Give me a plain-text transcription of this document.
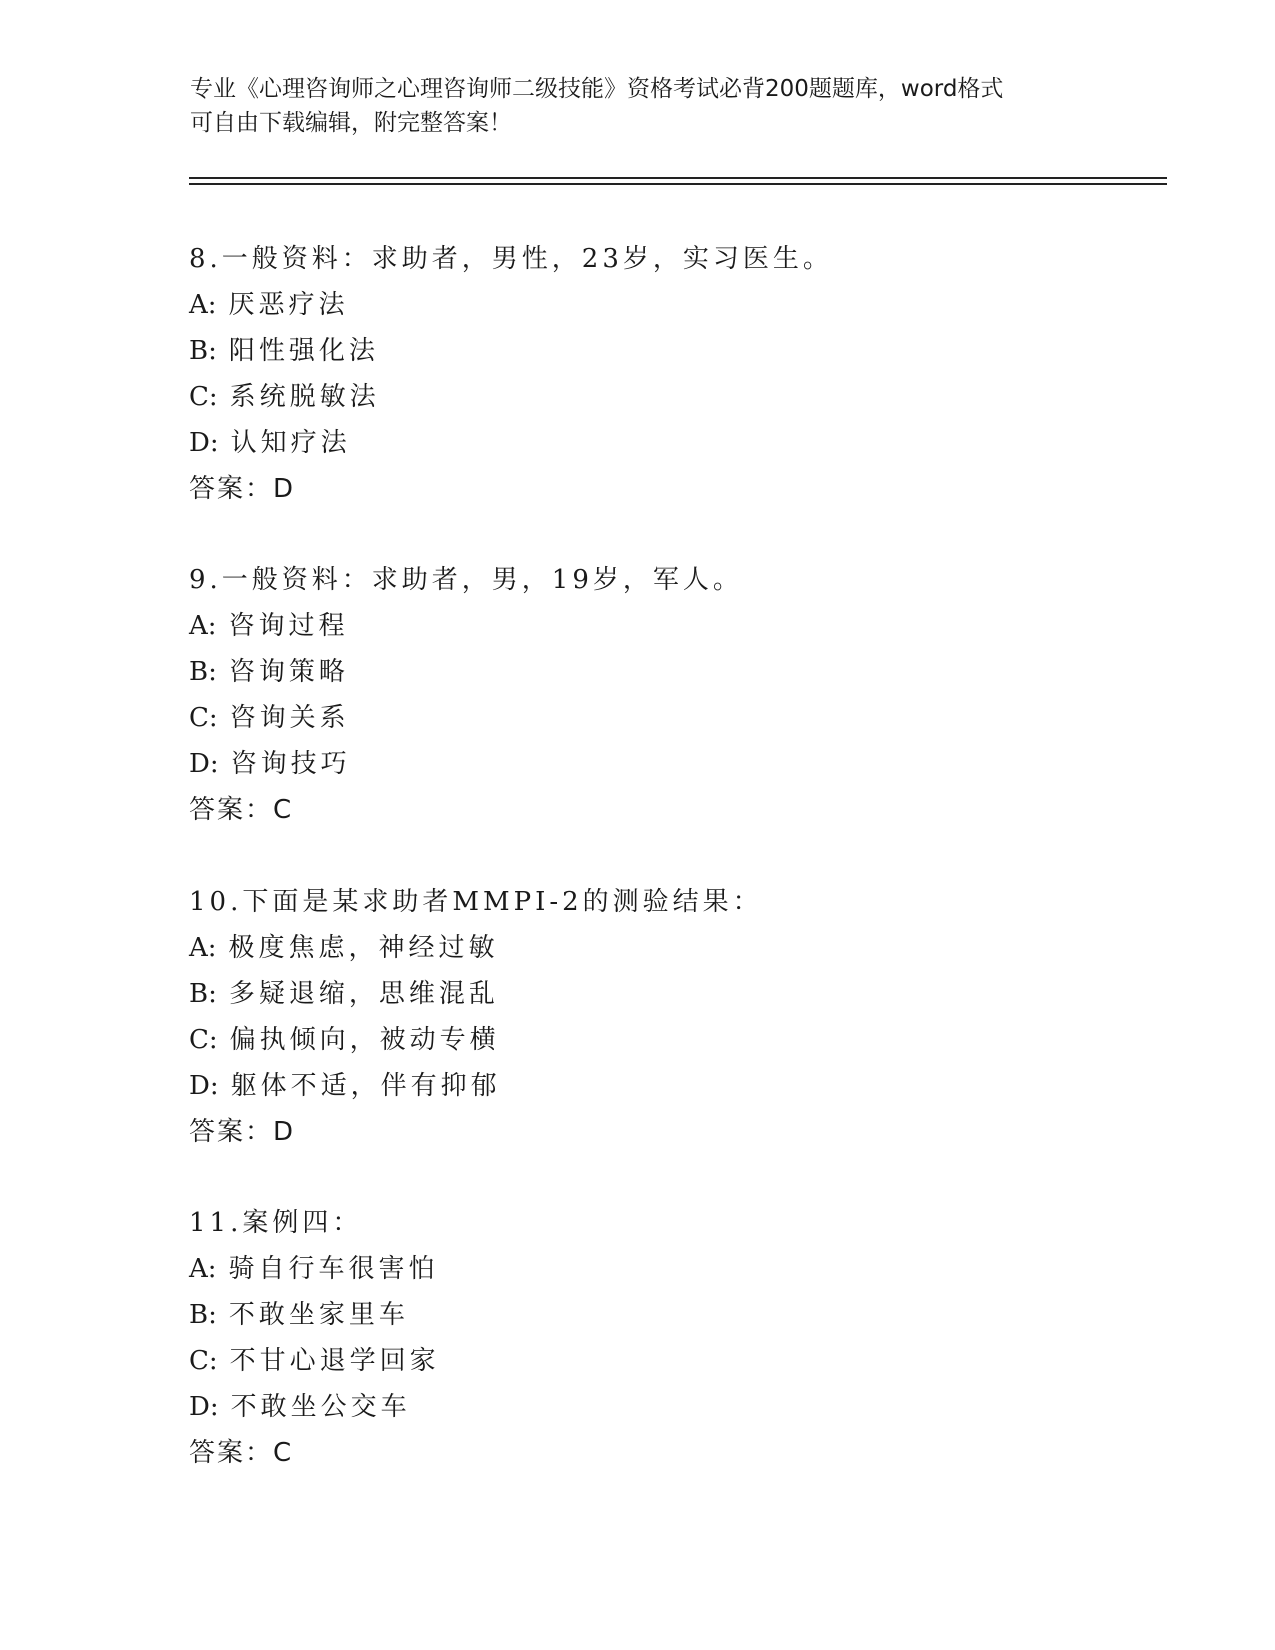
专业《心理咨询师之心理咨询师二级技能》资格考试必背200题题库，word格式
可自由下载编辑，附完整答案！
8.一般资料：求助者，男性，23岁，实习医生。
A: 厌恶疗法
B: 阳性强化法
C: 系统脱敏法
D: 认知疗法
答案：D
9.一般资料：求助者，男，19岁，军人。
A: 咨询过程
B: 咨询策略
C: 咨询关系
D: 咨询技巧
答案：C
10.下面是某求助者MMPI-2的测验结果：
A: 极度焦虑，神经过敏
B: 多疑退缩，思维混乱
C: 偏执倾向，被动专横
D: 躯体不适，伴有抑郁
答案：D
11.案例四：
A: 骑自行车很害怕
B: 不敢坐家里车
C: 不甘心退学回家
D: 不敢坐公交车
答案：C
